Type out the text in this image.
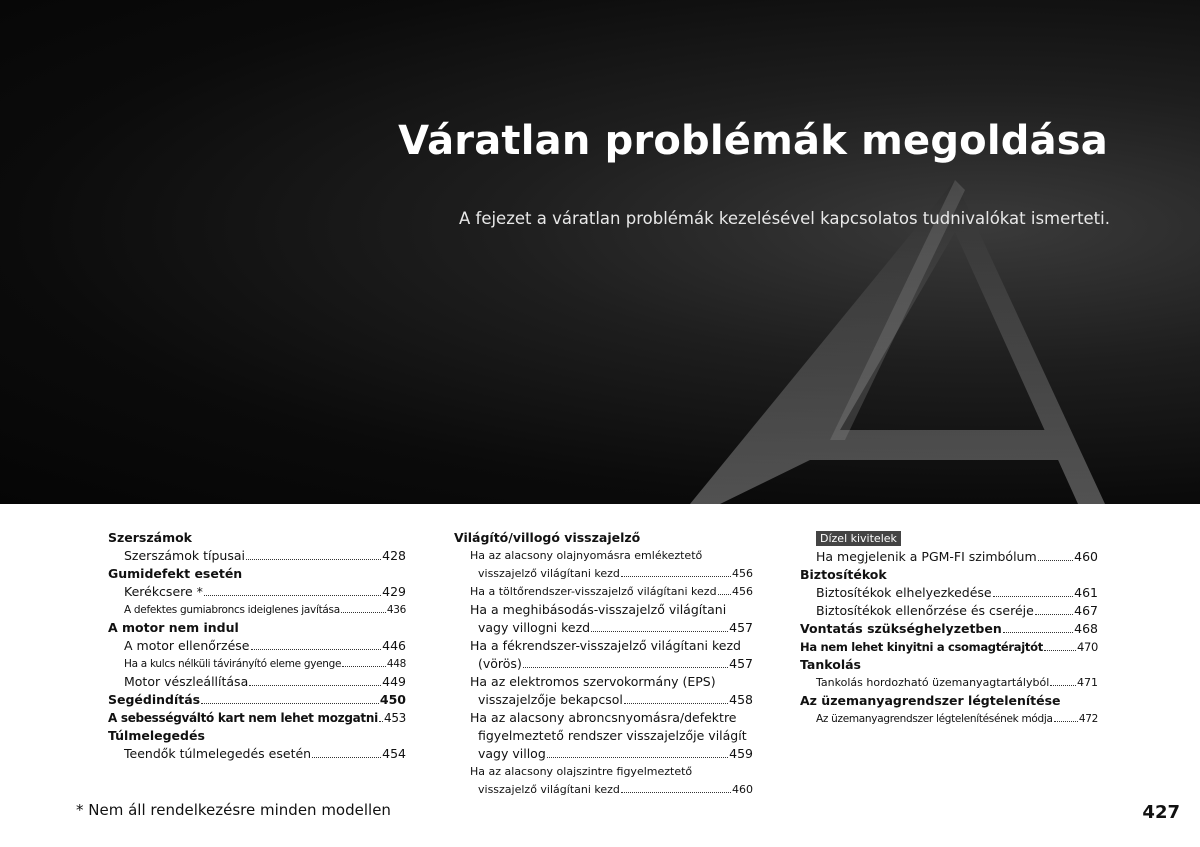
Váratlan problémák megoldása

A fejezet a váratlan problémák kezelésével kapcsolatos tudnivalókat ismerteti.

Szerszámok
Szerszámok típusai	428
Gumidefekt esetén
Kerékcsere *	429
A defektes gumiabroncs ideiglenes javítása	436
A motor nem indul
A motor ellenőrzése	446
Ha a kulcs nélküli távirányító eleme gyenge	448
Motor vészleállítása	449
Segédindítás	450
A sebességváltó kart nem lehet mozgatni 453
Túlmelegedés
Teendők túlmelegedés esetén	454
Világító/villogó visszajelző
Ha az alacsony olajnyomásra emlékeztető
visszajelző világítani kezd	456
Ha a töltőrendszer-visszajelző világítani kezd 456
Ha a meghibásodás-visszajelző világítani
vagy villogni kezd	457
Ha a fékrendszer-visszajelző világítani kezd
(vörös)	457
Ha az elektromos szervokormány (EPS)
visszajelzője bekapcsol	458
Ha az alacsony abroncsnyomásra/defektre
figyelmeztető rendszer visszajelzője világít
vagy villog	459
Ha az alacsony olajszintre figyelmeztető
visszajelző világítani kezd	460
Dízel kivitelek
Ha megjelenik a PGM-FI szimbólum	460
Biztosítékok
Biztosítékok elhelyezkedése	461
Biztosítékok ellenőrzése és cseréje	467
Vontatás szükséghelyzetben	468
Ha nem lehet kinyitni a csomagtérajtót	470
Tankolás
Tankolás hordozható üzemanyagtartályból	471
Az üzemanyagrendszer légtelenítése
Az üzemanyagrendszer légtelenítésének módja 472
* Nem áll rendelkezésre minden modellen	427
